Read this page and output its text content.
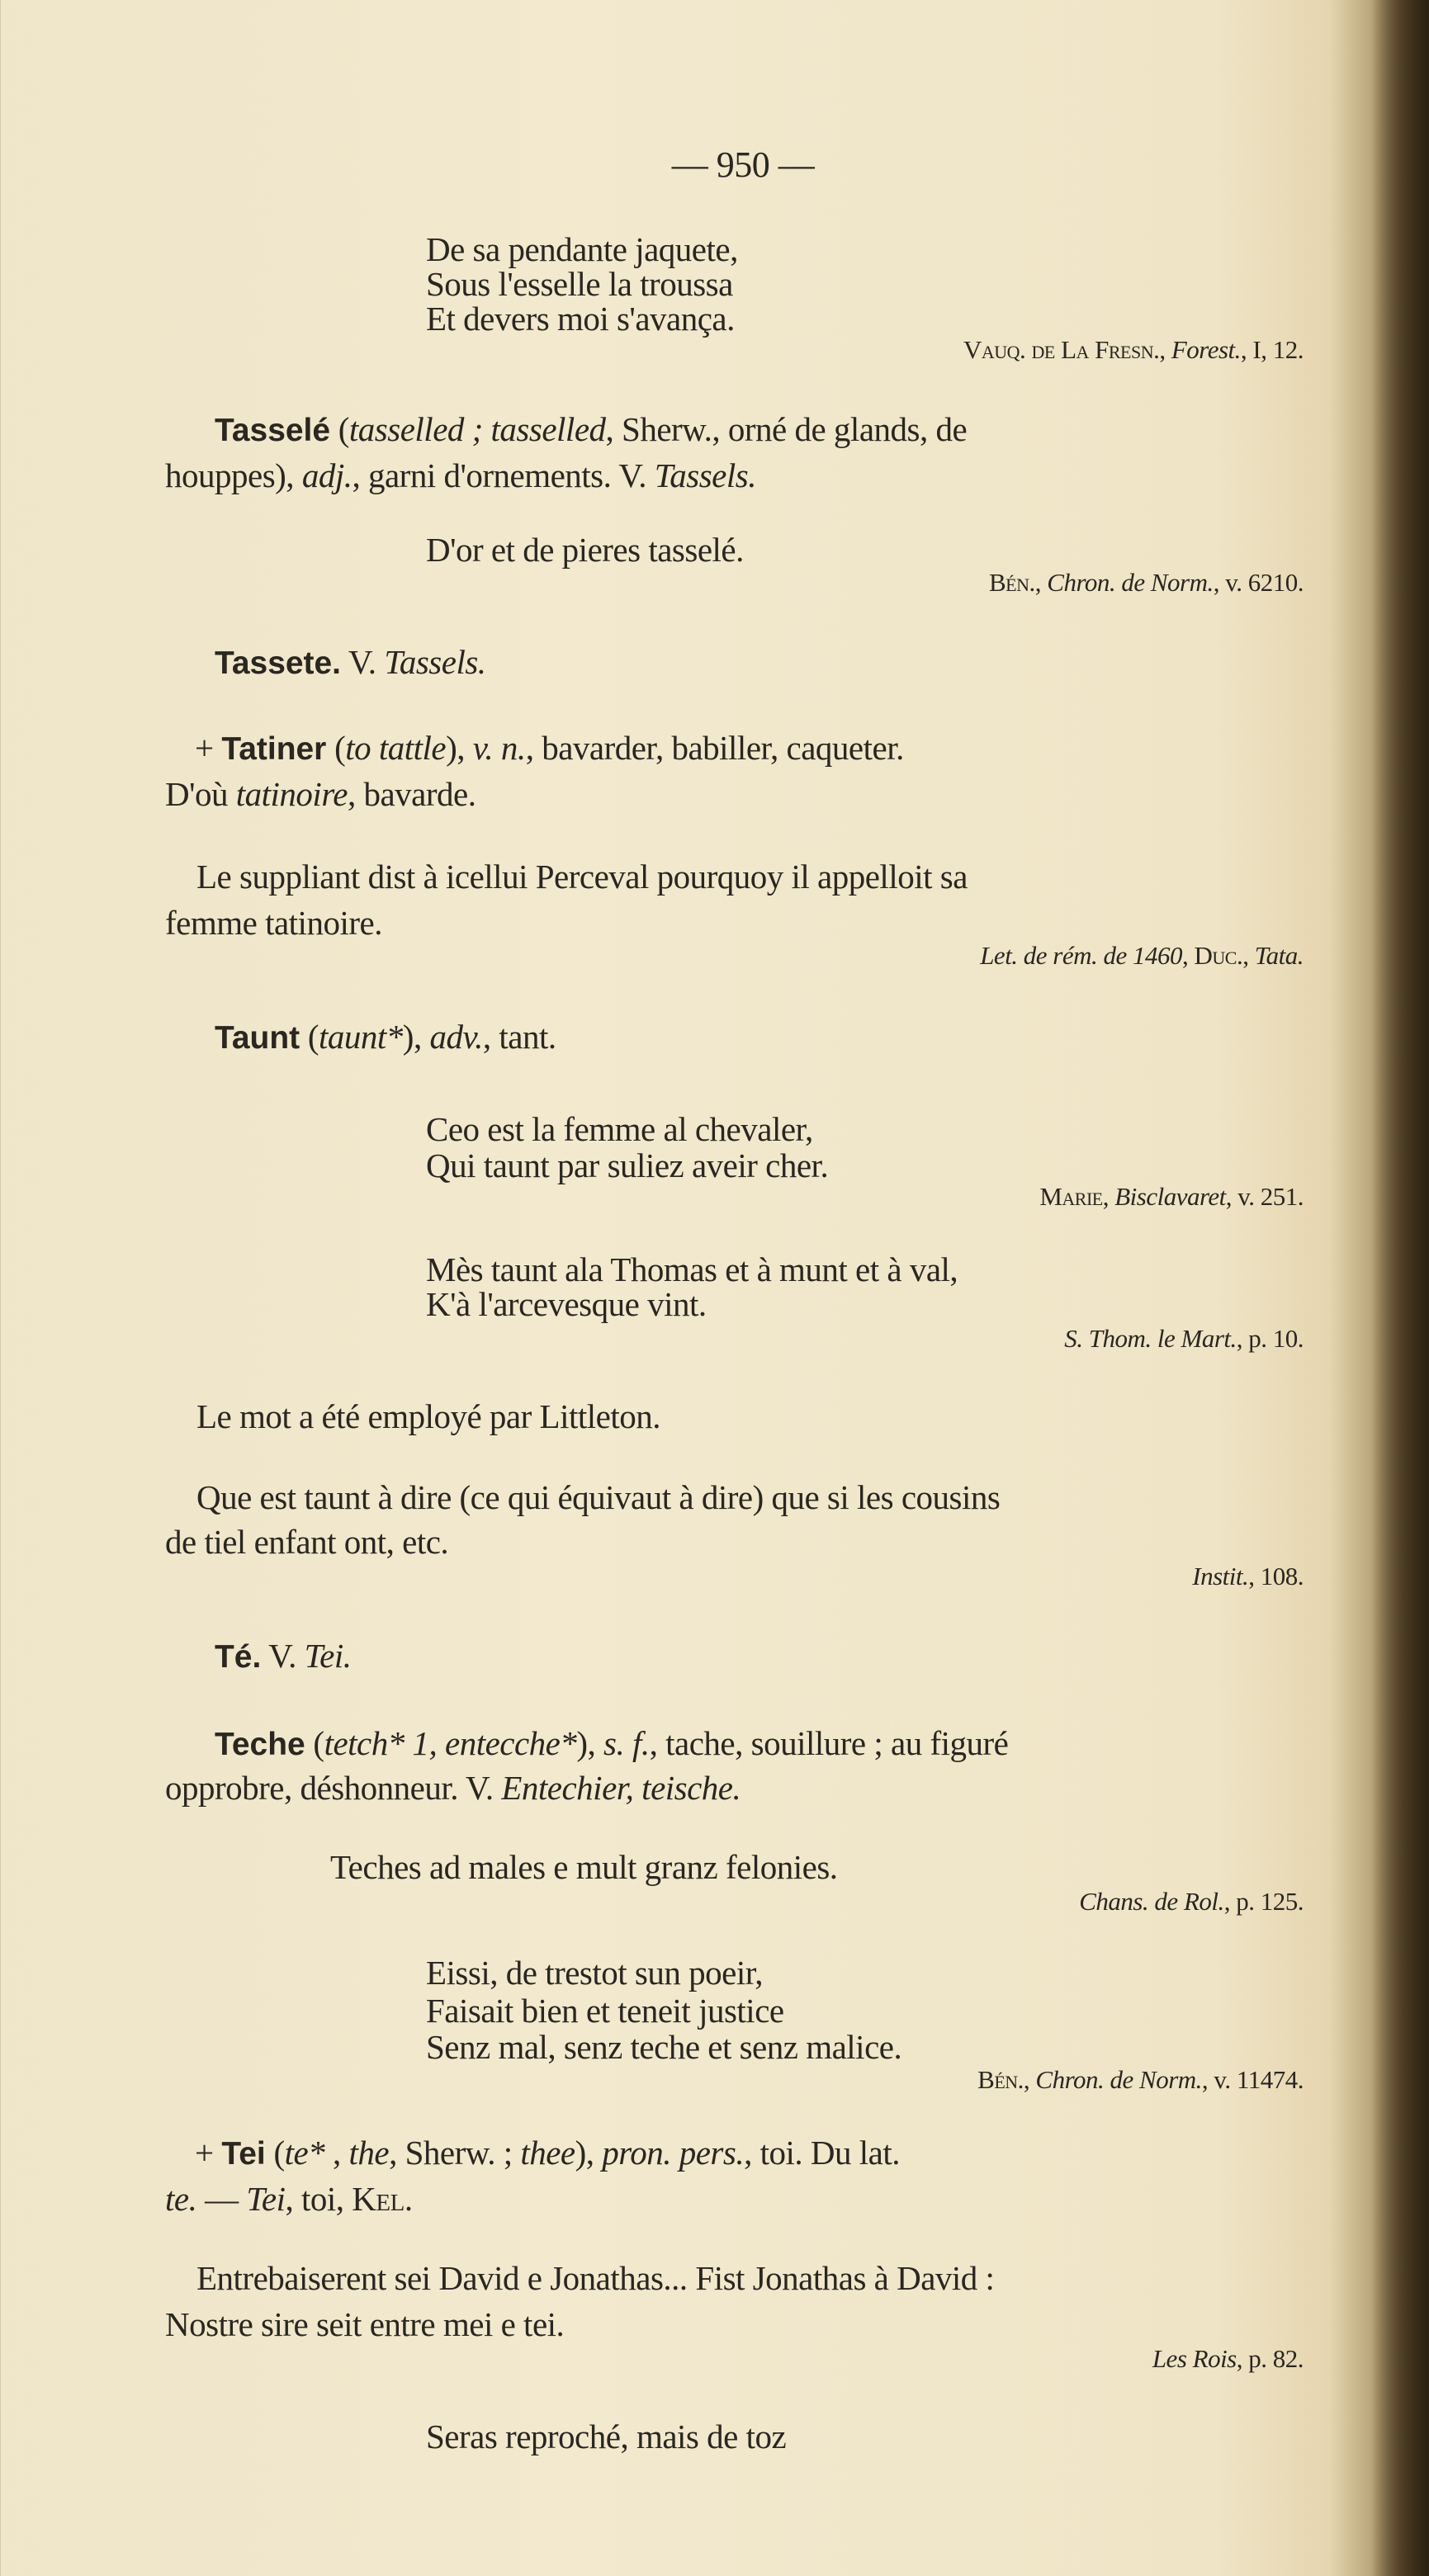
— 950 —
De sa pendante jaquete,
Sous l'esselle la troussa
Et devers moi s'avança.
Vauq. de La Fresn., Forest., I, 12.
Tasselé (tasselled ; tasselled, Sherw., orné de glands, de
houppes), adj., garni d'ornements. V. Tassels.
D'or et de pieres tasselé.
Bén., Chron. de Norm., v. 6210.
Tassete. V. Tassels.
+ Tatiner (to tattle), v. n., bavarder, babiller, caqueter.
D'où tatinoire, bavarde.
Le suppliant dist à icellui Perceval pourquoy il appelloit sa
femme tatinoire.
Let. de rém. de 1460, Duc., Tata.
Taunt (taunt*), adv., tant.
Ceo est la femme al chevaler,
Qui taunt par suliez aveir cher.
Marie, Bisclavaret, v. 251.
Mès taunt ala Thomas et à munt et à val,
K'à l'arcevesque vint.
S. Thom. le Mart., p. 10.
Le mot a été employé par Littleton.
Que est taunt à dire (ce qui équivaut à dire) que si les cousins
de tiel enfant ont, etc.
Instit., 108.
Té. V. Tei.
Teche (tetch* 1, entecche*), s. f., tache, souillure ; au figuré
opprobre, déshonneur. V. Entechier, teische.
Teches ad males e mult granz felonies.
Chans. de Rol., p. 125.
Eissi, de trestot sun poeir,
Faisait bien et teneit justice
Senz mal, senz teche et senz malice.
Bén., Chron. de Norm., v. 11474.
+ Tei (te* , the, Sherw. ; thee), pron. pers., toi. Du lat.
te. — Tei, toi, Kel.
Entrebaiserent sei David e Jonathas... Fist Jonathas à David :
Nostre sire seit entre mei e tei.
Les Rois, p. 82.
Seras reproché, mais de toz
